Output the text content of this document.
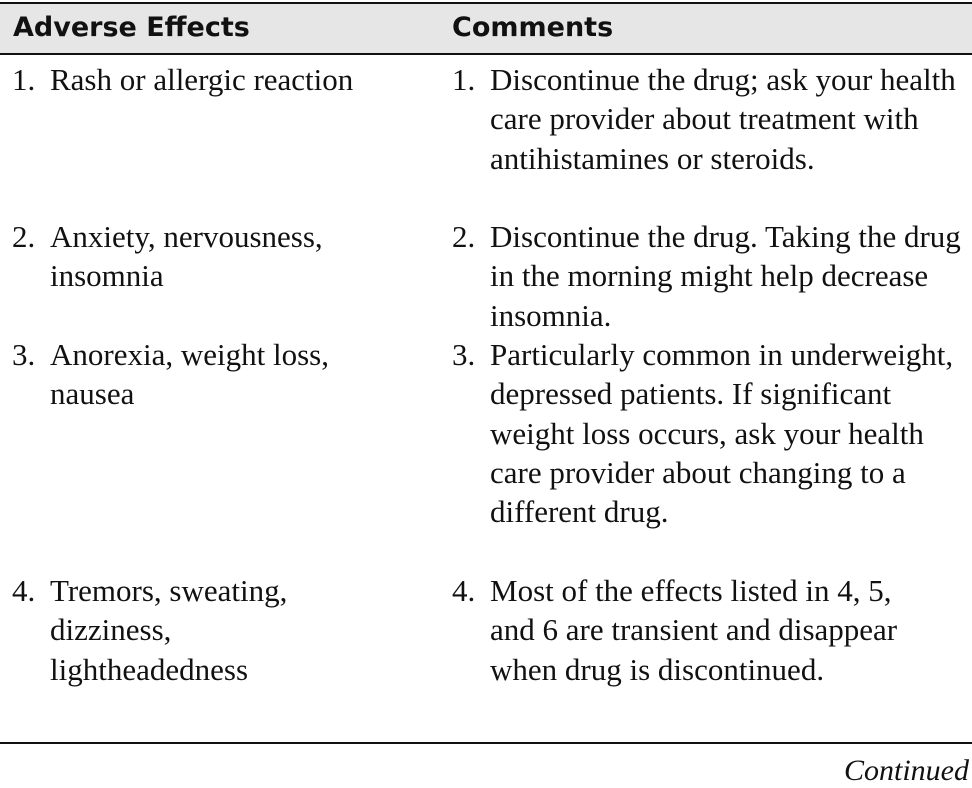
Adverse Effects	Comments
1. Rash or allergic reaction	1. Discontinue the drug; ask your health care provider about treatment with antihistamines or steroids.
2. Anxiety, nervousness, insomnia
2. Discontinue the drug. Taking the drug in the morning might help decrease insomnia.
3. Anorexia, weight loss, nausea
3. Particularly common in underweight, depressed patients. If significant weight loss occurs, ask your health care provider about changing to a different drug.
4. Tremors, sweating, dizziness, lightheadedness
4. Most of the effects listed in 4, 5, and 6 are transient and disappear when drug is discontinued.
Continued
